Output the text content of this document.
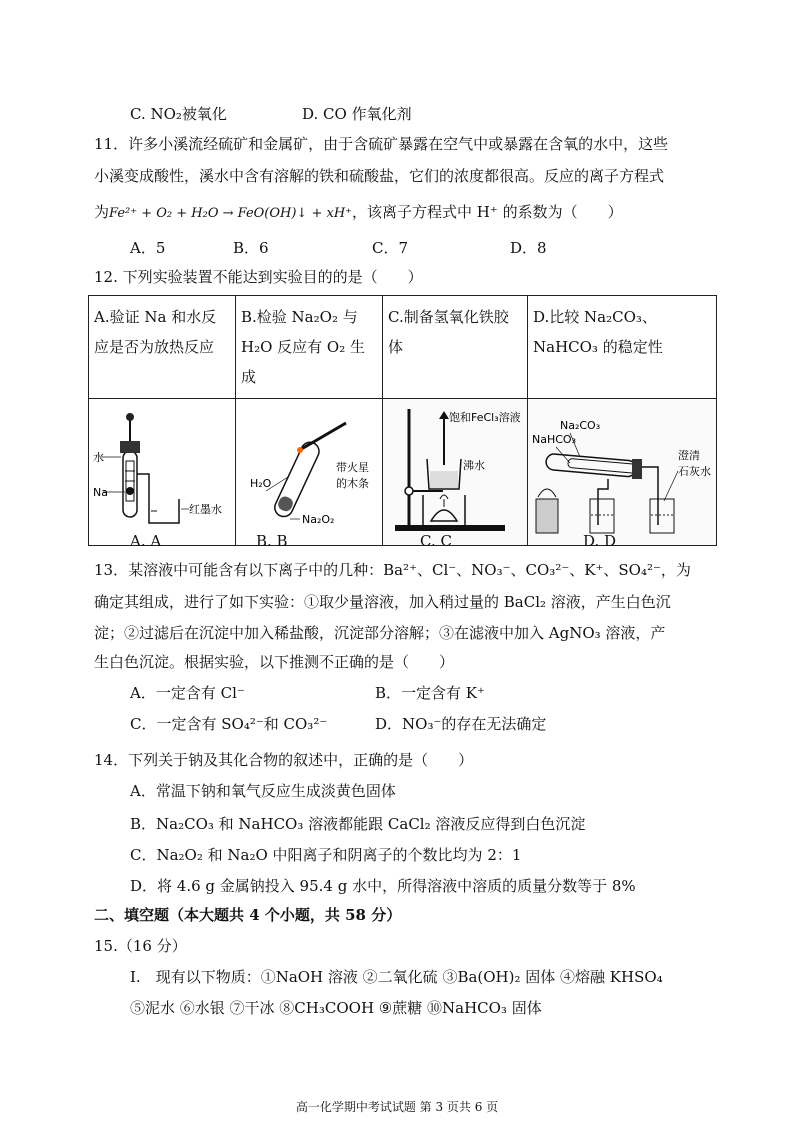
C. NO₂被氧化	D. CO 作氧化剂
11．许多小溪流经硫矿和金属矿，由于含硫矿暴露在空气中或暴露在含氧的水中，这些
小溪变成酸性，溪水中含有溶解的铁和硫酸盐，它们的浓度都很高。反应的离子方程式
为Fe²⁺ + O₂ + H₂O → FeO(OH)↓ + xH⁺，该离子方程式中 H⁺ 的系数为（　　）
A．5	B．6	C．7	D．8
12. 下列实验装置不能达到实验目的的是（　　）
A.验证 Na 和水反应是否为放热反应	B.检验 Na₂O₂ 与 H₂O 反应有 O₂ 生成	C.制备氢氧化铁胶体	D.比较 Na₂CO₃、NaHCO₃ 的稳定性

水
Na
红墨水	H₂O
带火星
的木条
Na₂O₂	饱和FeCl₃溶液
沸水	NaHCO₃
Na₂CO₃
澄清
石灰水
A. A	B. B	C. C	D. D
13．某溶液中可能含有以下离子中的几种：Ba²⁺、Cl⁻、NO₃⁻、CO₃²⁻、K⁺、SO₄²⁻，为
确定其组成，进行了如下实验：①取少量溶液，加入稍过量的 BaCl₂ 溶液，产生白色沉
淀；②过滤后在沉淀中加入稀盐酸，沉淀部分溶解；③在滤液中加入 AgNO₃ 溶液，产
生白色沉淀。根据实验，以下推测不正确的是（　　）
A．一定含有 Cl⁻	B．一定含有 K⁺
C．一定含有 SO₄²⁻和 CO₃²⁻	D．NO₃⁻的存在无法确定
14．下列关于钠及其化合物的叙述中，正确的是（　　）
A．常温下钠和氧气反应生成淡黄色固体
B．Na₂CO₃ 和 NaHCO₃ 溶液都能跟 CaCl₂ 溶液反应得到白色沉淀
C．Na₂O₂ 和 Na₂O 中阳离子和阴离子的个数比均为 2：1
D．将 4.6 g 金属钠投入 95.4 g 水中，所得溶液中溶质的质量分数等于 8%
二、填空题（本大题共 4 个小题，共 58 分）
15.（16 分）
I.　现有以下物质：①NaOH 溶液 ②二氧化硫 ③Ba(OH)₂ 固体 ④熔融 KHSO₄
⑤泥水 ⑥水银 ⑦干冰 ⑧CH₃COOH ⑨蔗糖 ⑩NaHCO₃ 固体
高一化学期中考试试题 第 3 页共 6 页
